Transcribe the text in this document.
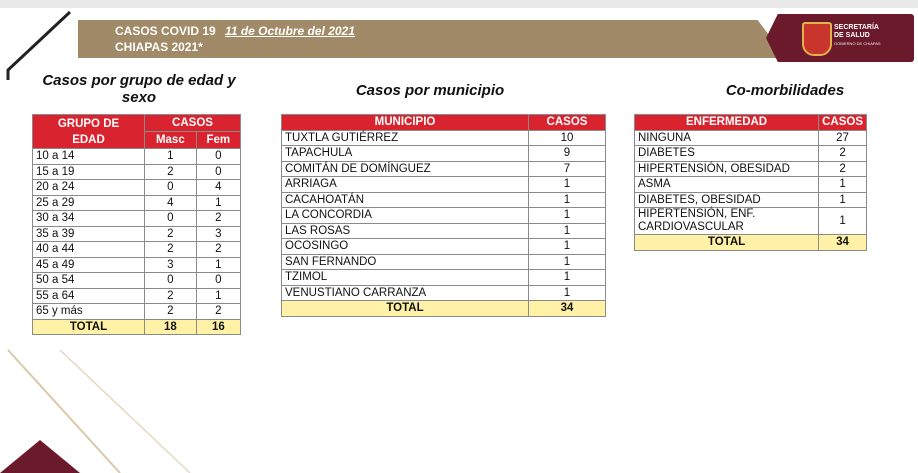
CASOS COVID 19 11 de Octubre del 2021
CHIAPAS 2021*
SECRETARÍA
DE SALUD
GOBIERNO DE CHIAPAS
Casos por grupo de edad y
sexo	Casos por municipio	Co-morbilidades
GRUPO DE
EDAD	CASOS	
	Masc	Fem
10 a 14	1	0
15 a 19	2	0
20 a 24	0	4
25 a 29	4	1
30 a 34	0	2
35 a 39	2	3
40 a 44	2	2
45 a 49	3	1
50 a 54	0	0
55 a 64	2	1
65 y más	2	2
TOTAL	18	16
MUNICIPIO	CASOS
TUXTLA GUTIÉRREZ	10
TAPACHULA	9
COMITÁN DE DOMÍNGUEZ	7
ARRIAGA	1
CACAHOATÁN	1
LA CONCORDIA	1
LAS ROSAS	1
OCOSINGO	1
SAN FERNANDO	1
TZIMOL	1
VENUSTIANO CARRANZA	1
TOTAL	34
ENFERMEDAD	CASOS
NINGUNA	27
DIABETES	2
HIPERTENSIÓN, OBESIDAD	2
ASMA	1
DIABETES, OBESIDAD	1

HIPERTENSIÓN, ENF.
CARDIOVASCULAR	1
TOTAL	34
